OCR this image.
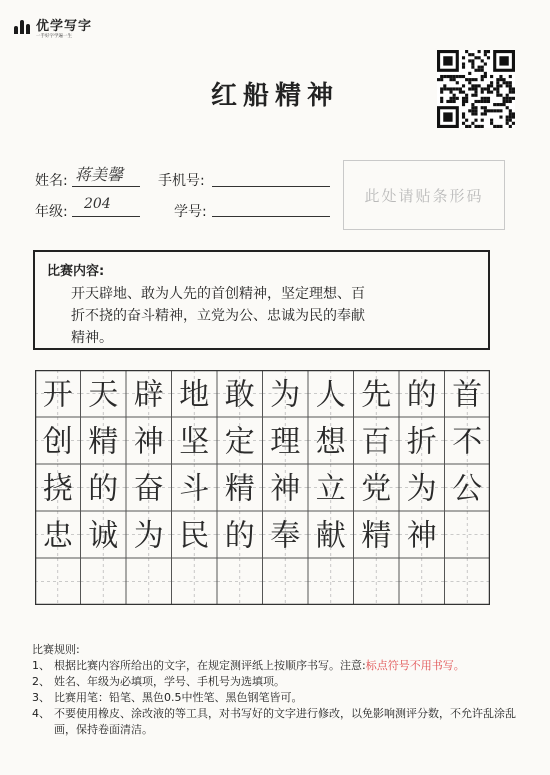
优学写字
一手好字学遍一生
红船精神
姓名: 蒋美馨 手机号:
年级: 204	学号:
此处请贴条形码
比赛内容:
开天辟地、敢为人先的首创精神，坚定理想、百
折不挠的奋斗精神，立党为公、忠诚为民的奉献
精神。
开 天 辟 地 敢 为 人 先 的 首
创 精 神 坚 定 理 想 百 折 不
挠 的 奋 斗 精 神 立 党 为 公
忠 诚 为 民 的 奉 献 精 神
比赛规则:
1、 根据比赛内容所给出的文字，在规定测评纸上按顺序书写。注意:标点符号不用书写。
2、 姓名、年级为必填项，学号、手机号为选填项。
3、 比赛用笔：铅笔、黑色0.5中性笔、黑色钢笔皆可。
4、 不要使用橡皮、涂改液的等工具，对书写好的文字进行修改，以免影响测评分数，不允许乱涂乱画，保持卷面清洁。
